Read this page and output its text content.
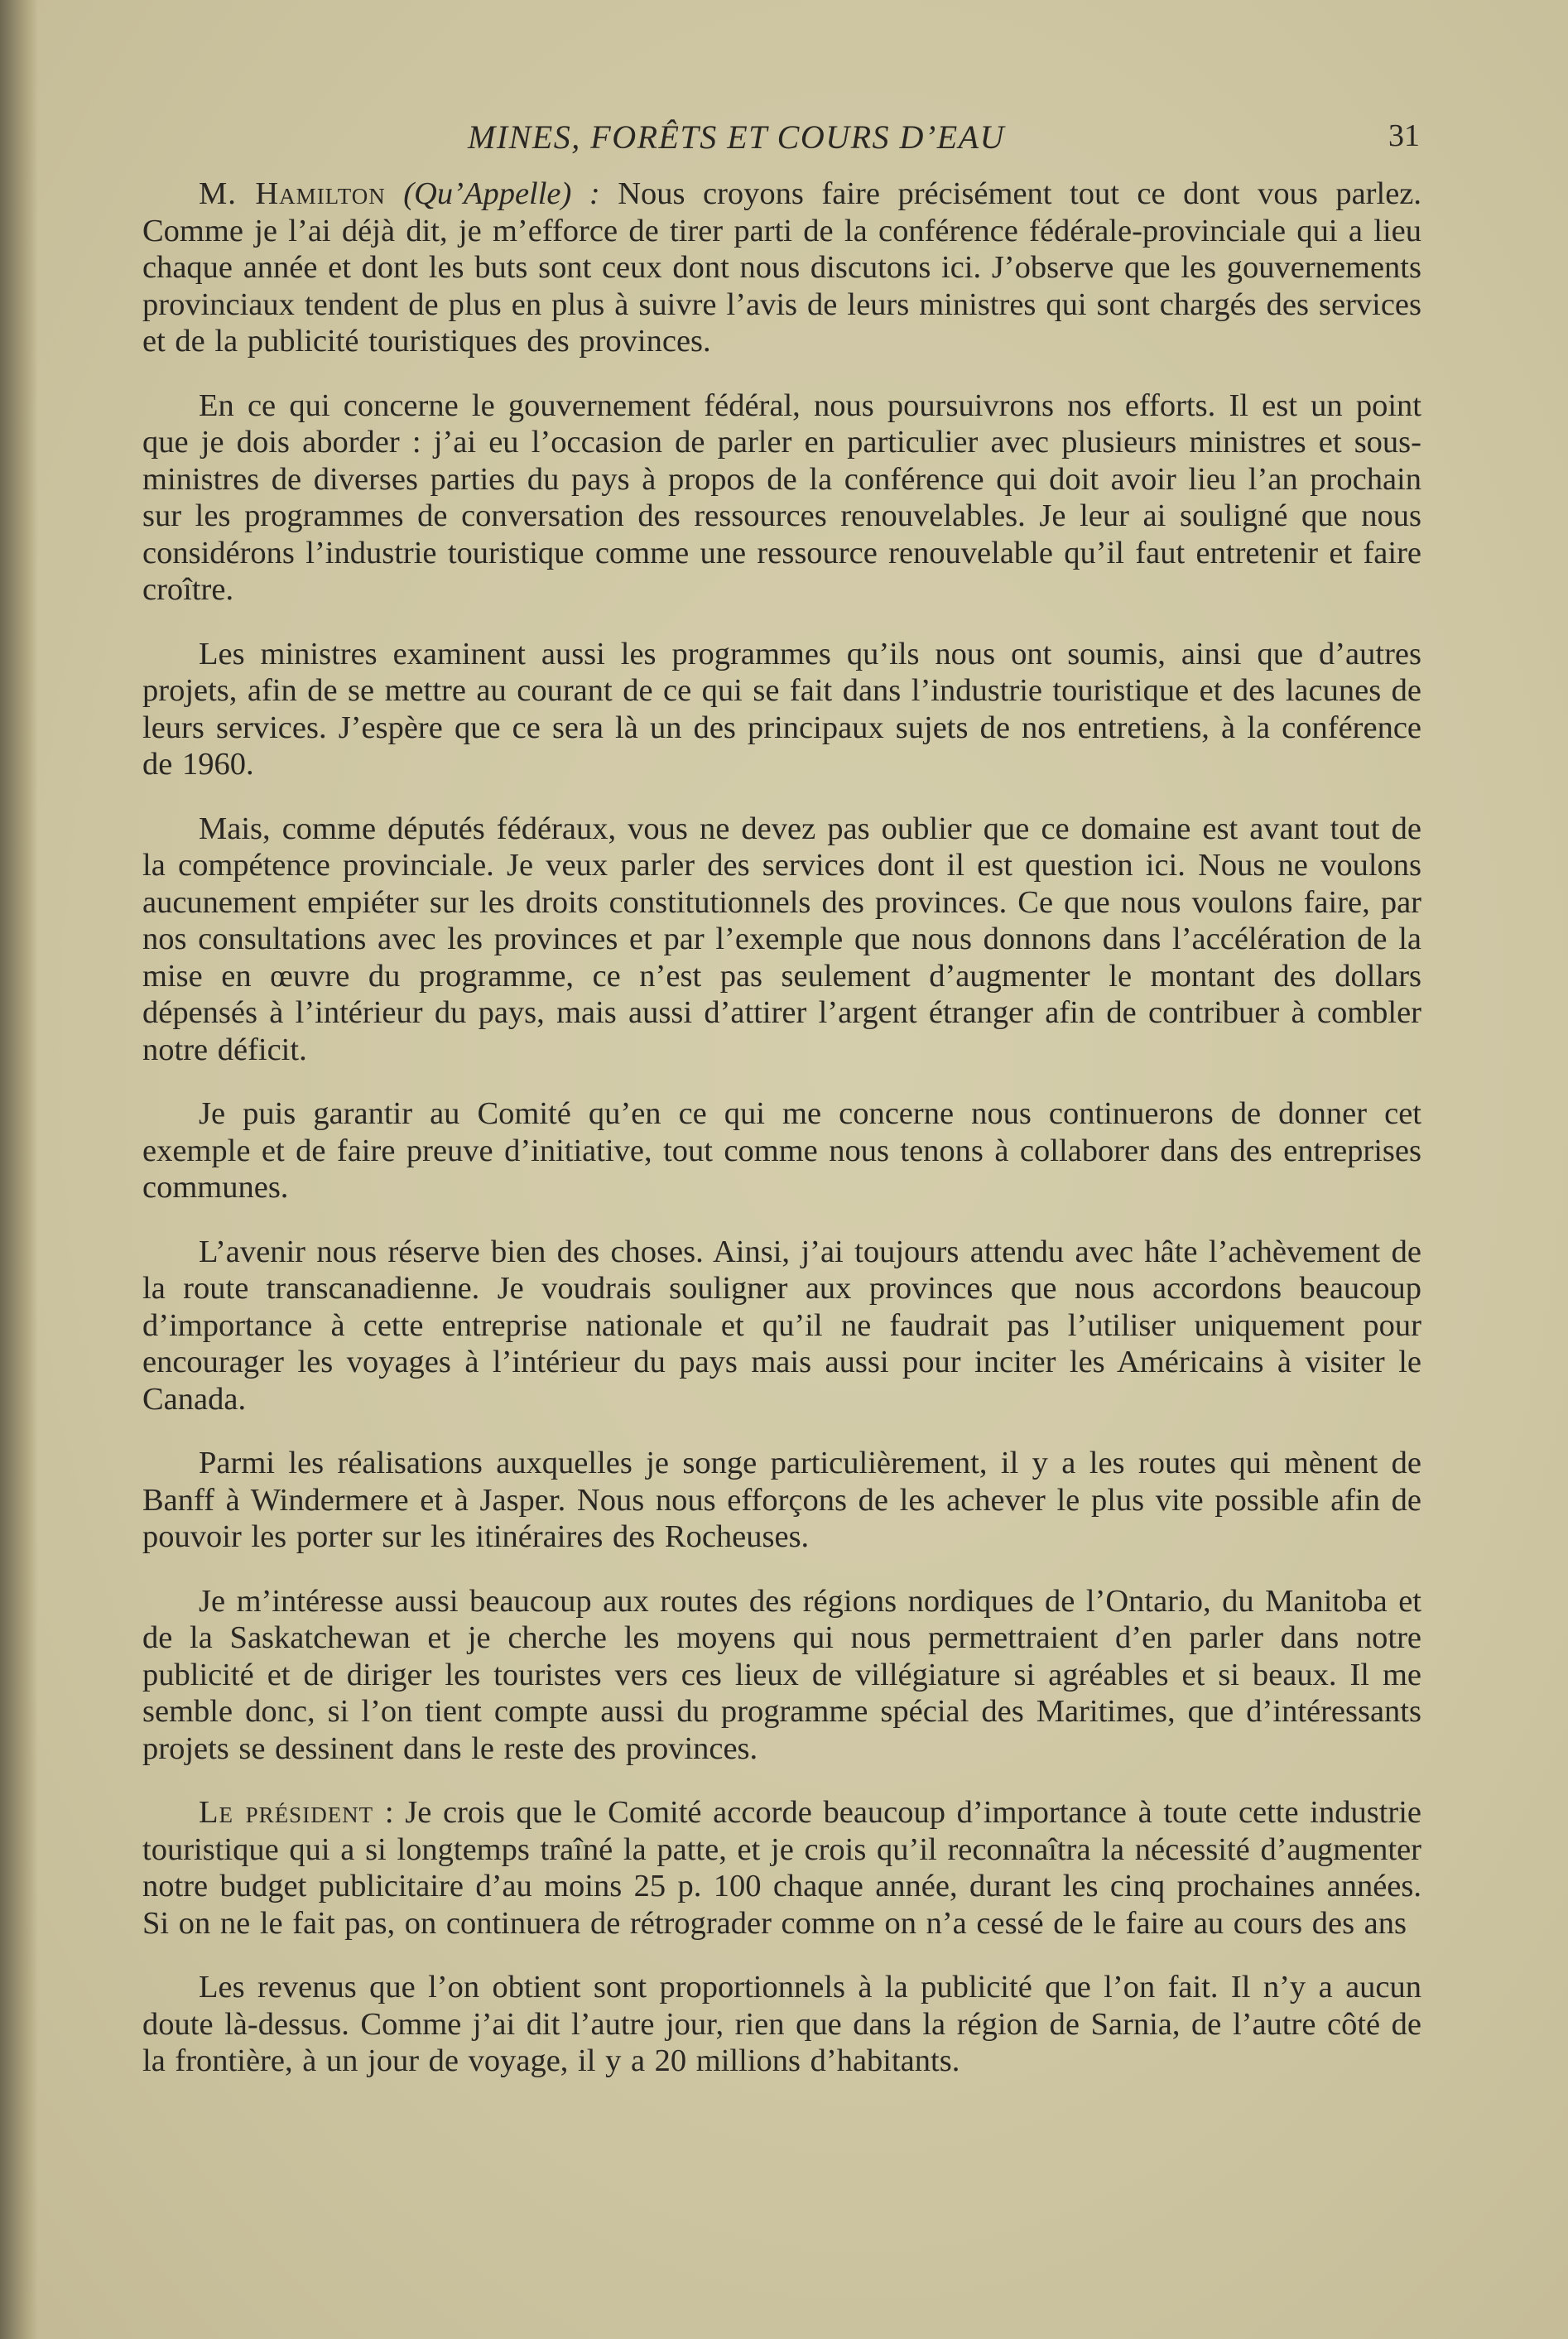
MINES, FORÊTS ET COURS D’EAU	31

M. Hamilton (Qu’Appelle) : Nous croyons faire précisément tout ce dont vous parlez. Comme je l’ai déjà dit, je m’efforce de tirer parti de la conférence fédérale-provinciale qui a lieu chaque année et dont les buts sont ceux dont nous discutons ici. J’observe que les gouvernements provinciaux tendent de plus en plus à suivre l’avis de leurs ministres qui sont chargés des services et de la publicité touristiques des provinces.

En ce qui concerne le gouvernement fédéral, nous poursuivrons nos efforts. Il est un point que je dois aborder : j’ai eu l’occasion de parler en particulier avec plusieurs ministres et sous-ministres de diverses parties du pays à propos de la conférence qui doit avoir lieu l’an prochain sur les programmes de conversation des ressources renouvelables. Je leur ai souligné que nous considérons l’industrie touristique comme une ressource renouvelable qu’il faut entretenir et faire croître.

Les ministres examinent aussi les programmes qu’ils nous ont soumis, ainsi que d’autres projets, afin de se mettre au courant de ce qui se fait dans l’industrie touristique et des lacunes de leurs services. J’espère que ce sera là un des principaux sujets de nos entretiens, à la conférence de 1960.

Mais, comme députés fédéraux, vous ne devez pas oublier que ce domaine est avant tout de la compétence provinciale. Je veux parler des services dont il est question ici. Nous ne voulons aucunement empiéter sur les droits constitutionnels des provinces. Ce que nous voulons faire, par nos consultations avec les provinces et par l’exemple que nous donnons dans l’accélération de la mise en œuvre du programme, ce n’est pas seulement d’augmenter le montant des dollars dépensés à l’intérieur du pays, mais aussi d’attirer l’argent étranger afin de contribuer à combler notre déficit.

Je puis garantir au Comité qu’en ce qui me concerne nous continuerons de donner cet exemple et de faire preuve d’initiative, tout comme nous tenons à collaborer dans des entreprises communes.

L’avenir nous réserve bien des choses. Ainsi, j’ai toujours attendu avec hâte l’achèvement de la route transcanadienne. Je voudrais souligner aux provinces que nous accordons beaucoup d’importance à cette entreprise nationale et qu’il ne faudrait pas l’utiliser uniquement pour encourager les voyages à l’intérieur du pays mais aussi pour inciter les Américains à visiter le Canada.

Parmi les réalisations auxquelles je songe particulièrement, il y a les routes qui mènent de Banff à Windermere et à Jasper. Nous nous efforçons de les achever le plus vite possible afin de pouvoir les porter sur les itinéraires des Rocheuses.

Je m’intéresse aussi beaucoup aux routes des régions nordiques de l’Ontario, du Manitoba et de la Saskatchewan et je cherche les moyens qui nous permettraient d’en parler dans notre publicité et de diriger les touristes vers ces lieux de villégiature si agréables et si beaux. Il me semble donc, si l’on tient compte aussi du programme spécial des Maritimes, que d’intéressants projets se dessinent dans le reste des provinces.

Le président : Je crois que le Comité accorde beaucoup d’importance à toute cette industrie touristique qui a si longtemps traîné la patte, et je crois qu’il reconnaîtra la nécessité d’augmenter notre budget publicitaire d’au moins 25 p. 100 chaque année, durant les cinq prochaines années. Si on ne le fait pas, on continuera de rétrograder comme on n’a cessé de le faire au cours des ans

Les revenus que l’on obtient sont proportionnels à la publicité que l’on fait. Il n’y a aucun doute là-dessus. Comme j’ai dit l’autre jour, rien que dans la région de Sarnia, de l’autre côté de la frontière, à un jour de voyage, il y a 20 millions d’habitants.
